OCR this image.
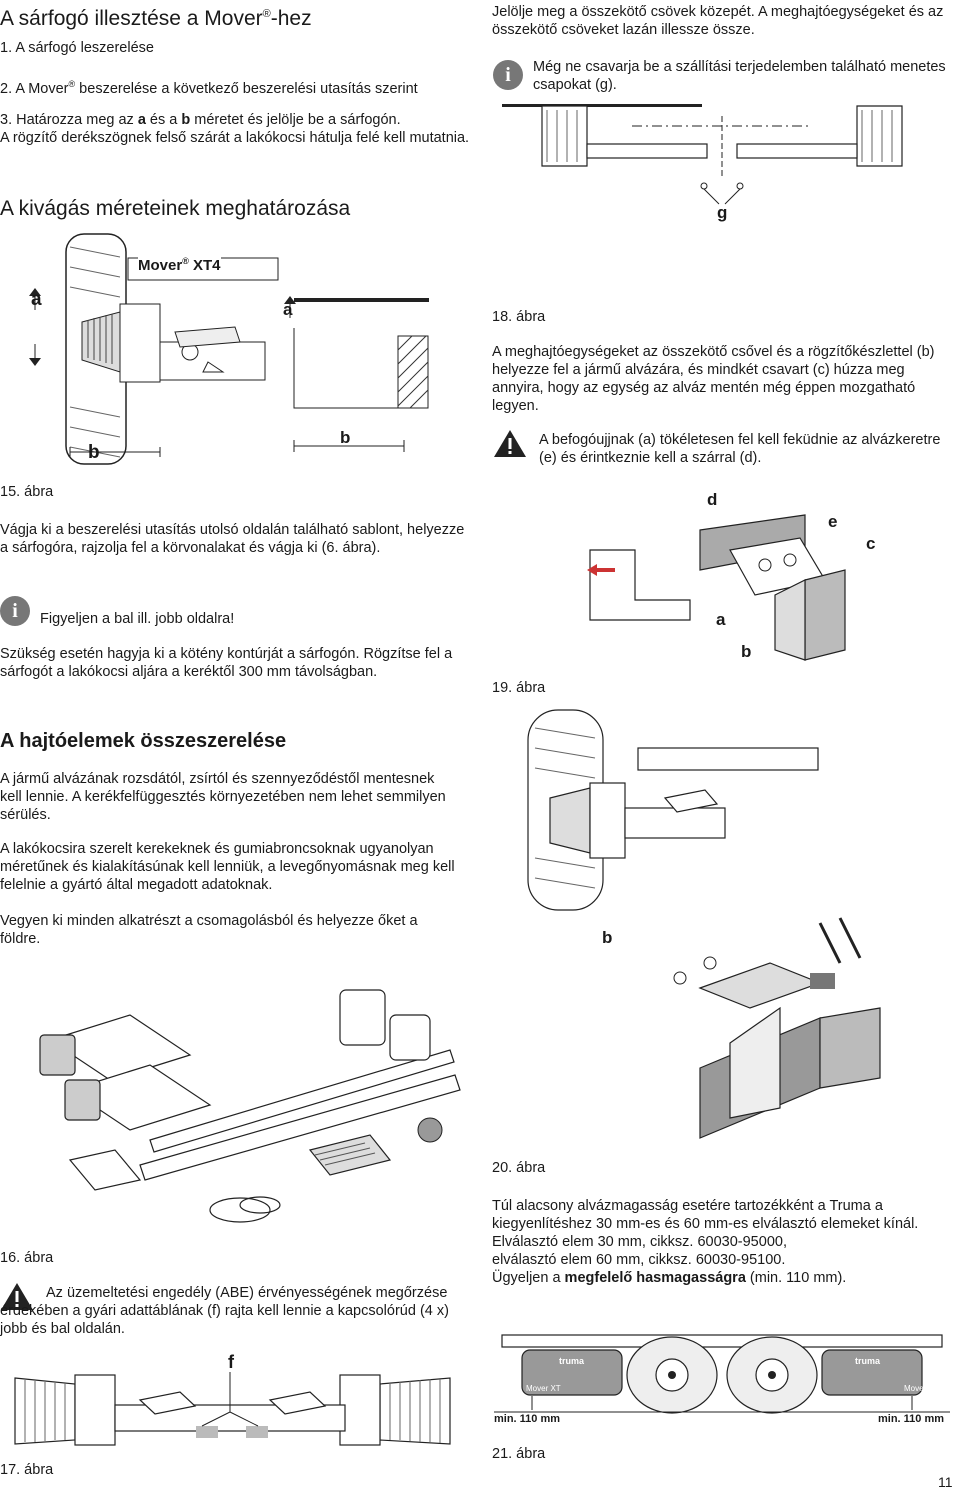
A sárfogó illesztése a Mover®-hez
1. A sárfogó leszerelése
2. A Mover® beszerelése a következő beszerelési utasítás szerint
3. Határozza meg az a és a b méretet és jelölje be a sárfogón.
A rögzítő derékszögnek felső szárát a lakókocsi hátulja felé kell mutatnia.
A kivágás méreteinek meghatározása
Mover® XT4
a	a
b
b
15. ábra
Vágja ki a beszerelési utasítás utolsó oldalán található sablont, helyezze a sárfogóra, rajzolja fel a körvonalakat és vágja ki (6. ábra).
i	Figyeljen a bal ill. jobb oldalra!
Szükség esetén hagyja ki a kötény kontúrját a sárfogón. Rögzítse fel a sárfogót a lakókocsi aljára a keréktől 300 mm távolságban.
A hajtóelemek összeszerelése
A jármű alvázának rozsdától, zsírtól és szennyeződéstől mentesnek kell lennie. A kerékfelfüggesztés környezetében nem lehet semmilyen sérülés.
A lakókocsira szerelt kerekeknek és gumiabroncsoknak ugyanolyan méretűnek és kialakításúnak kell lenniük, a levegőnyomásnak meg kell felelnie a gyártó által megadott adatoknak.
Vegyen ki minden alkatrészt a csomagolásból és helyezze őket a földre.
16. ábra
Az üzemeltetési engedély (ABE) érvényességének megőrzése érdekében a gyári adattáblának (f) rajta kell lennie a kapcsolórúd (4 x) jobb és bal oldalán.
f
17. ábra
Jelölje meg a összekötő csövek közepét. A meghajtóegységeket és az összekötő csöveket lazán illessze össze.
i	Még ne csavarja be a szállítási terjedelemben található menetes csapokat (g).
g
18. ábra
A meghajtóegységeket az összekötő csővel és a rögzítőkészlettel (b) helyezze fel a jármű alvázára, és mindkét csavart (c) húzza meg annyira, hogy az egység az alváz mentén még éppen mozgatható legyen.
A befogóujjnak (a) tökéletesen fel kell feküdnie az alvázkeretre (e) és érintkeznie kell a szárral (d).
d
e
c
a
b
19. ábra
b
20. ábra

Túl alacsony alvázmagasság esetére tartozékként a Truma a kiegyenlítéshez 30 mm-es és 60 mm-es elválasztó elemeket kínál.

Elválasztó elem 30 mm, cikksz. 60030-95000,

elválasztó elem 60 mm, cikksz. 60030-95100.

Ügyeljen a megfelelő hasmagasságra (min. 110 mm).

truma	truma
Mover XT	Mover XT
min. 110 mm	min. 110 mm
21. ábra
11
